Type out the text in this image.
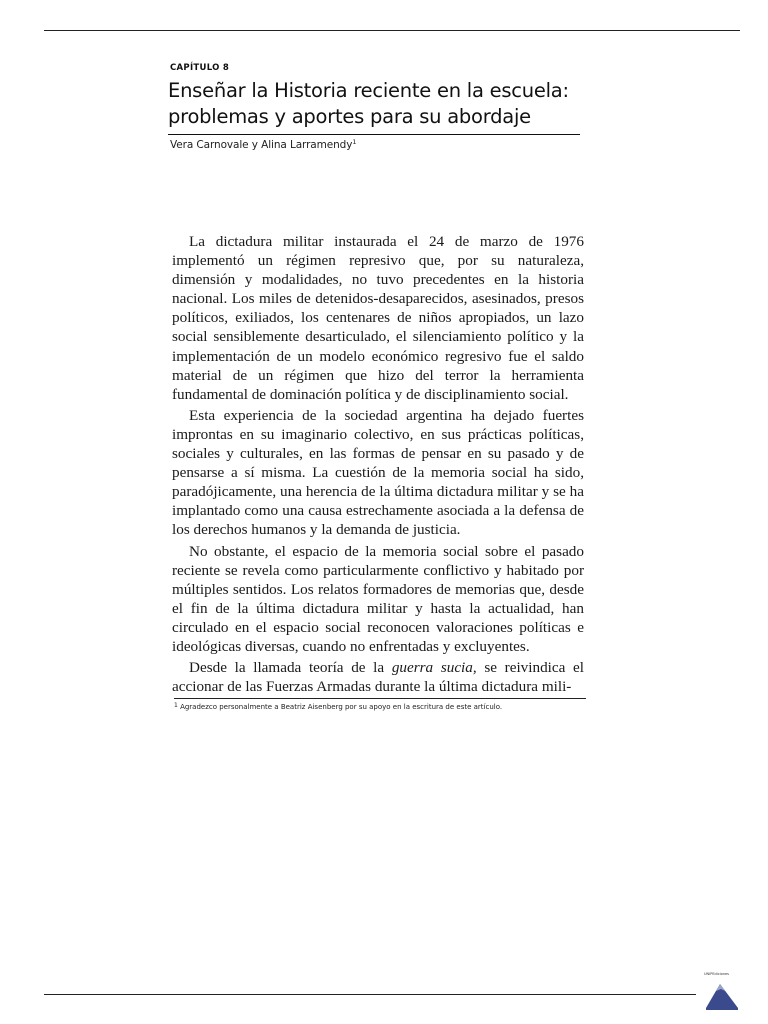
CAPÍTULO 8
Enseñar la Historia reciente en la escuela:
problemas y aportes para su abordaje
Vera Carnovale y Alina Larramendy$^1$

La dictadura militar instaurada el 24 de marzo de 1976 implementó un régimen represivo que, por su naturaleza, dimensión y modalidades, no tuvo precedentes en la historia nacional. Los miles de detenidos-desaparecidos, asesinados, presos políticos, exiliados, los centenares de niños apropiados, un lazo social sensiblemente desarticulado, el silenciamiento político y la implementación de un modelo económico regresivo fue el saldo material de un régimen que hizo del terror la herramienta fundamental de dominación política y de disciplinamiento social.

Esta experiencia de la sociedad argentina ha dejado fuertes improntas en su imaginario colectivo, en sus prácticas políticas, sociales y culturales, en las formas de pensar en su pasado y de pensarse a sí misma. La cuestión de la memoria social ha sido, paradójicamente, una herencia de la última dictadura militar y se ha implantado como una causa estrechamente asociada a la defensa de los derechos humanos y la demanda de justicia.

No obstante, el espacio de la memoria social sobre el pasado reciente se revela como particularmente conflictivo y habitado por múltiples sentidos. Los relatos formadores de memorias que, desde el fin de la última dictadura militar y hasta la actualidad, han circulado en el espacio social reconocen valoraciones políticas e ideológicas diversas, cuando no enfrentadas y excluyentes.

Desde la llamada teoría de la guerra sucia, se reivindica el accionar de las Fuerzas Armadas durante la última dictadura mili-

$^1$ Agradezco personalmente a Beatriz Aisenberg por su apoyo en la escritura de este artículo.
UNIPEdiciones
